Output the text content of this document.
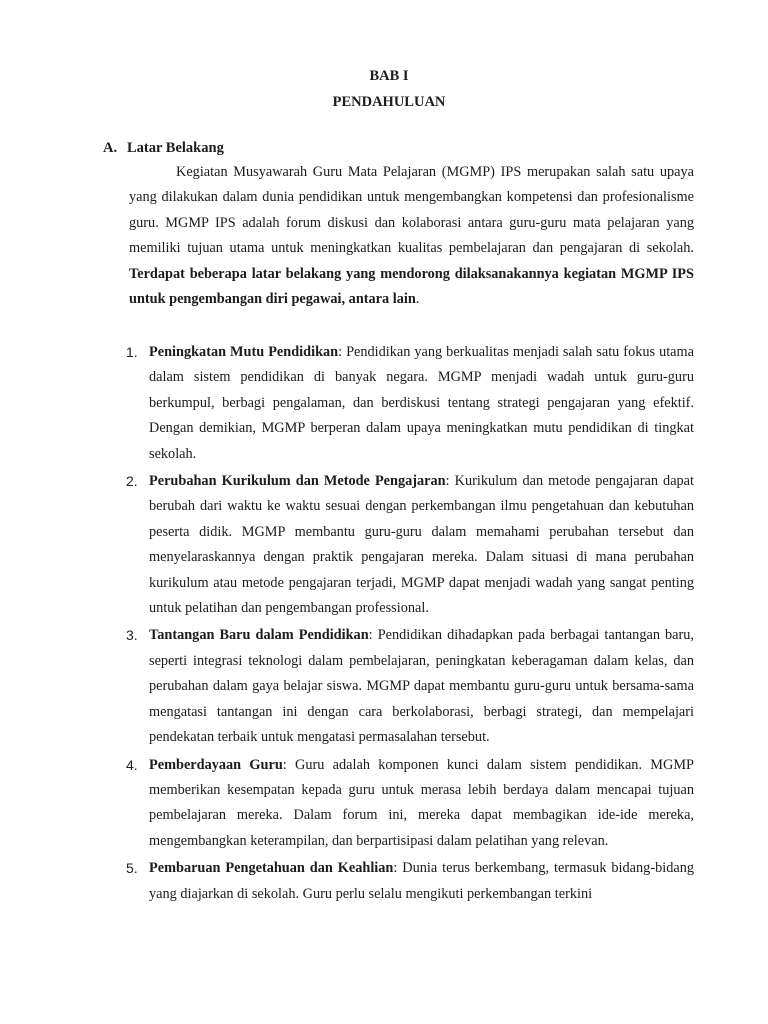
BAB I
PENDAHULUAN
A. Latar Belakang

Kegiatan Musyawarah Guru Mata Pelajaran (MGMP) IPS merupakan salah satu upaya yang dilakukan dalam dunia pendidikan untuk mengembangkan kompetensi dan profesionalisme guru. MGMP IPS adalah forum diskusi dan kolaborasi antara guru-guru mata pelajaran yang memiliki tujuan utama untuk meningkatkan kualitas pembelajaran dan pengajaran di sekolah. Terdapat beberapa latar belakang yang mendorong dilaksanakannya kegiatan MGMP IPS untuk pengembangan diri pegawai, antara lain.

1. Peningkatan Mutu Pendidikan: Pendidikan yang berkualitas menjadi salah satu fokus utama dalam sistem pendidikan di banyak negara. MGMP menjadi wadah untuk guru-guru berkumpul, berbagi pengalaman, dan berdiskusi tentang strategi pengajaran yang efektif. Dengan demikian, MGMP berperan dalam upaya meningkatkan mutu pendidikan di tingkat sekolah.
2. Perubahan Kurikulum dan Metode Pengajaran: Kurikulum dan metode pengajaran dapat berubah dari waktu ke waktu sesuai dengan perkembangan ilmu pengetahuan dan kebutuhan peserta didik. MGMP membantu guru-guru dalam memahami perubahan tersebut dan menyelaraskannya dengan praktik pengajaran mereka. Dalam situasi di mana perubahan kurikulum atau metode pengajaran terjadi, MGMP dapat menjadi wadah yang sangat penting untuk pelatihan dan pengembangan professional.
3. Tantangan Baru dalam Pendidikan: Pendidikan dihadapkan pada berbagai tantangan baru, seperti integrasi teknologi dalam pembelajaran, peningkatan keberagaman dalam kelas, dan perubahan dalam gaya belajar siswa. MGMP dapat membantu guru-guru untuk bersama-sama mengatasi tantangan ini dengan cara berkolaborasi, berbagi strategi, dan mempelajari pendekatan terbaik untuk mengatasi permasalahan tersebut.
4. Pemberdayaan Guru: Guru adalah komponen kunci dalam sistem pendidikan. MGMP memberikan kesempatan kepada guru untuk merasa lebih berdaya dalam mencapai tujuan pembelajaran mereka. Dalam forum ini, mereka dapat membagikan ide-ide mereka, mengembangkan keterampilan, dan berpartisipasi dalam pelatihan yang relevan.
5. Pembaruan Pengetahuan dan Keahlian: Dunia terus berkembang, termasuk bidang-bidang yang diajarkan di sekolah. Guru perlu selalu mengikuti perkembangan terkini
